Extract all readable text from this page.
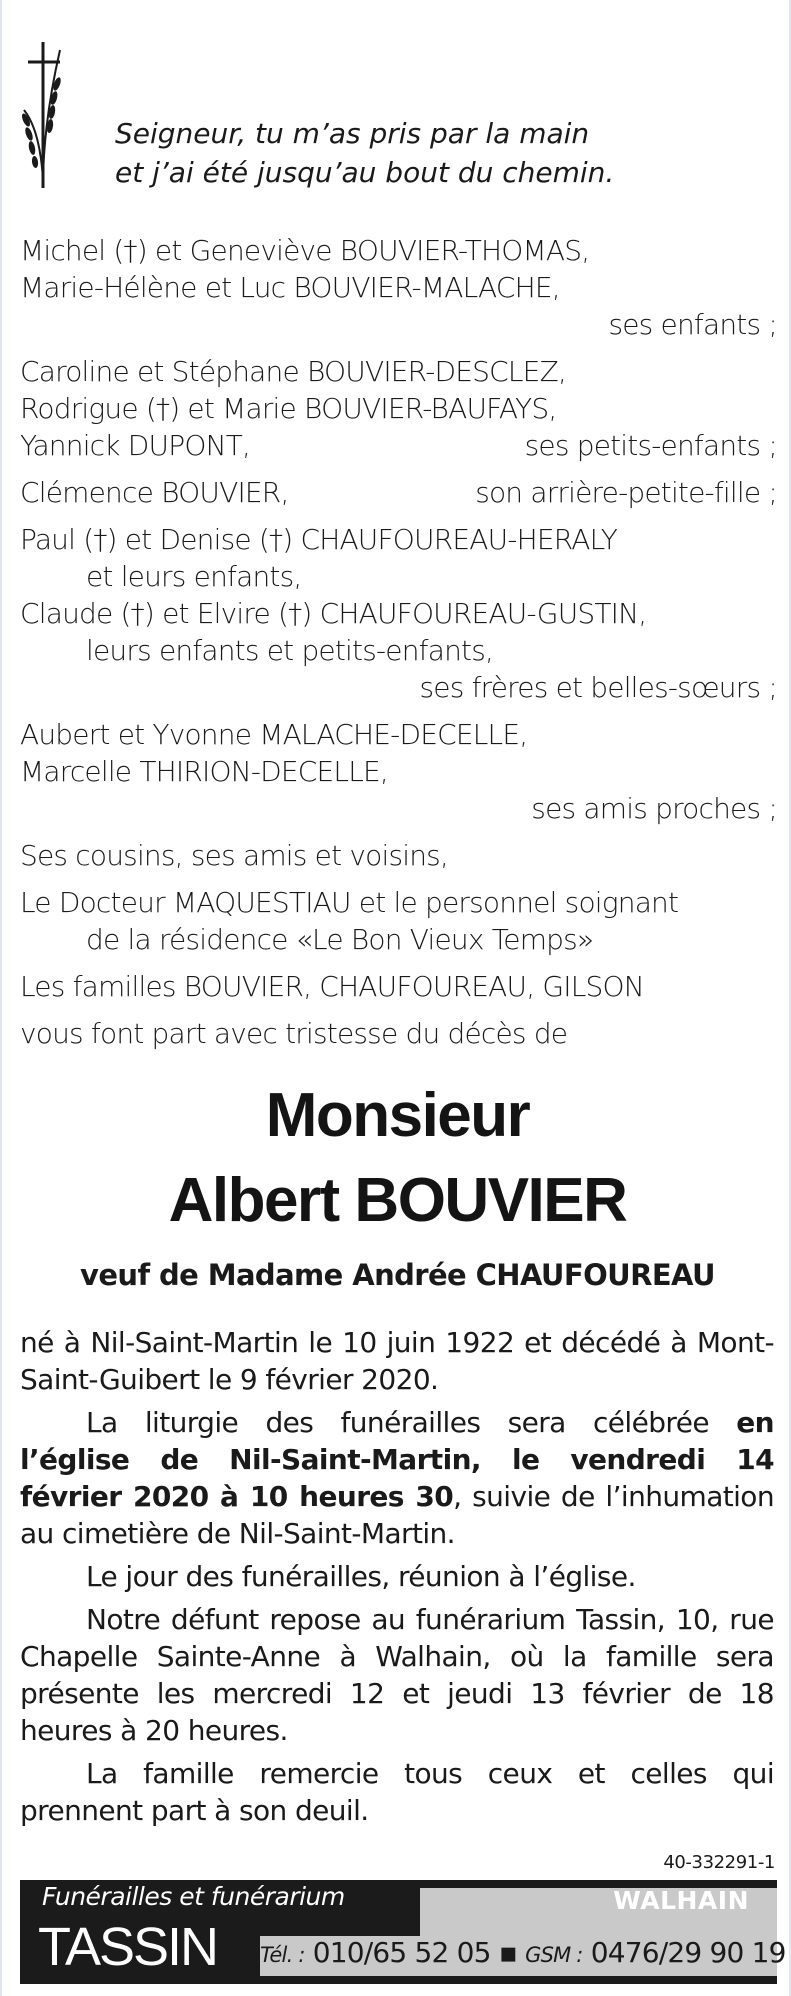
Seigneur, tu m’as pris par la main
et j’ai été jusqu’au bout du chemin.
Michel (†) et Geneviève BOUVIER-THOMAS,
Marie-Hélène et Luc BOUVIER-MALACHE,
ses enfants ;
Caroline et Stéphane BOUVIER-DESCLEZ,
Rodrigue (†) et Marie BOUVIER-BAUFAYS,
Yannick DUPONT,	ses petits-enfants ;
Clémence BOUVIER,	son arrière-petite-fille ;
Paul (†) et Denise (†) CHAUFOUREAU-HERALY
et leurs enfants,
Claude (†) et Elvire (†) CHAUFOUREAU-GUSTIN,
leurs enfants et petits-enfants,
ses frères et belles-sœurs ;
Aubert et Yvonne MALACHE-DECELLE,
Marcelle THIRION-DECELLE,
ses amis proches ;
Ses cousins, ses amis et voisins,
Le Docteur MAQUESTIAU et le personnel soignant
de la résidence «Le Bon Vieux Temps»
Les familles BOUVIER, CHAUFOUREAU, GILSON
vous font part avec tristesse du décès de
Monsieur
Albert BOUVIER
veuf de Madame Andrée CHAUFOUREAU

né à Nil-Saint-Martin le 10 juin 1922 et décédé à Mont-Saint-Guibert le 9 février 2020.

La liturgie des funérailles sera célébrée en l’église de Nil-Saint-Martin, le vendredi 14 février 2020 à 10 heures 30, suivie de l’inhumation au cimetière de Nil-Saint-Martin.

Le jour des funérailles, réunion à l’église.

Notre défunt repose au funérarium Tassin, 10, rue Chapelle Sainte-Anne à Walhain, où la famille sera présente les mercredi 12 et jeudi 13 février de 18 heures à 20 heures.

La famille remercie tous ceux et celles qui prennent part à son deuil.

40-332291-1
Funérailles et funérarium
TASSIN
WALHAIN
Tél. : 010/65 52 05 ▪ GSM : 0476/29 90 19
